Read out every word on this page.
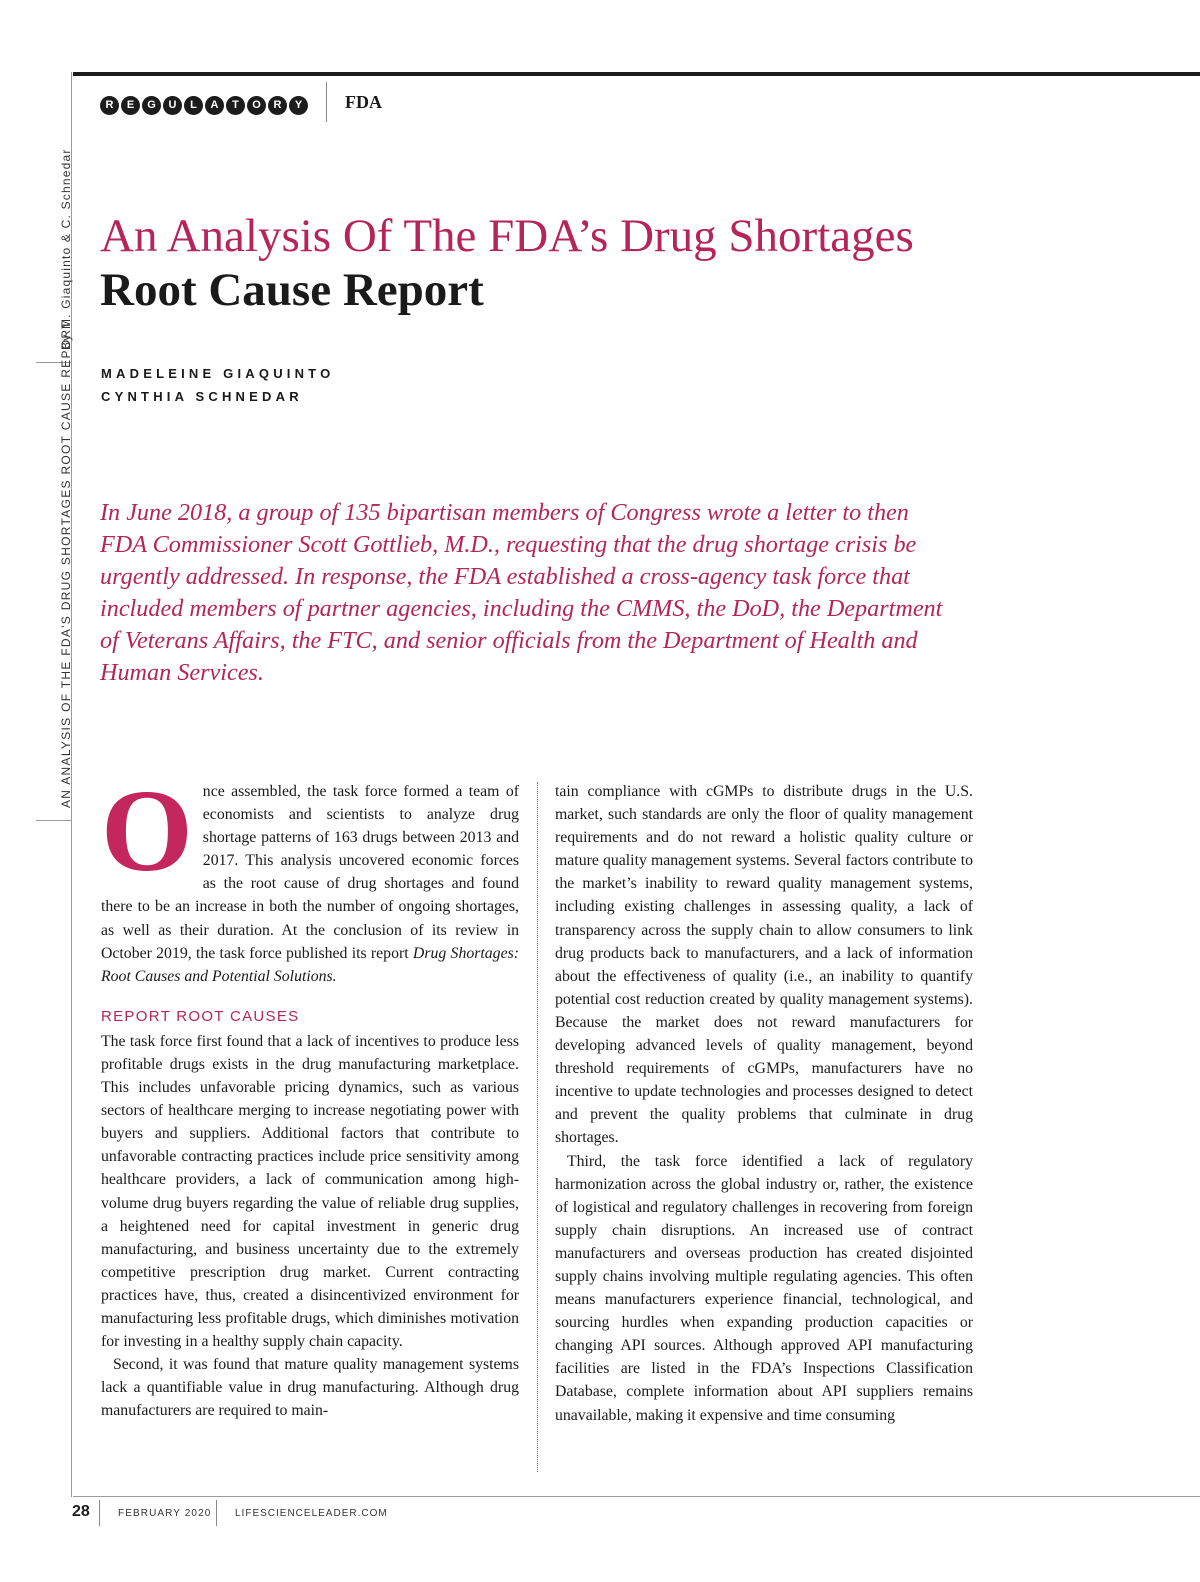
By M. Giaquinto & C. Schnedar
AN ANALYSIS OF THE FDA'S DRUG SHORTAGES ROOT CAUSE REPORT
R	E	G	U	L	A	T	O	R	Y	FDA
An Analysis Of The FDA’s Drug Shortages
Root Cause Report
MADELEINE GIAQUINTO
CYNTHIA SCHNEDAR
In June 2018, a group of 135 bipartisan members of Congress wrote a letter to then FDA Commissioner Scott Gottlieb, M.D., requesting that the drug shortage crisis be urgently addressed. In response, the FDA established a cross-agency task force that included members of partner agencies, including the CMMS, the DoD, the Department of Veterans Affairs, the FTC, and senior officials from the Department of Health and Human Services.

Once assembled, the task force formed a team of economists and scientists to analyze drug shortage patterns of 163 drugs between 2013 and 2017. This analysis uncovered economic forces as the root cause of drug shortages and found there to be an increase in both the number of ongoing shortages, as well as their duration. At the conclusion of its review in October 2019, the task force published its report Drug Shortages: Root Causes and Potential Solutions.

REPORT ROOT CAUSES

The task force first found that a lack of incentives to produce less profitable drugs exists in the drug manufacturing marketplace. This includes unfavorable pricing dynamics, such as various sectors of healthcare merging to increase negotiating power with buyers and suppliers. Additional factors that contribute to unfavorable contracting practices include price sensitivity among healthcare providers, a lack of communication among high-volume drug buyers regarding the value of reliable drug supplies, a heightened need for capital investment in generic drug manufacturing, and business uncertainty due to the extremely competitive prescription drug market. Current contracting practices have, thus, created a disincentivized environment for manufacturing less profitable drugs, which diminishes motivation for investing in a healthy supply chain capacity.

Second, it was found that mature quality management systems lack a quantifiable value in drug manufacturing. Although drug manufacturers are required to main-

tain compliance with cGMPs to distribute drugs in the U.S. market, such standards are only the floor of quality management requirements and do not reward a holistic quality culture or mature quality management systems. Several factors contribute to the market’s inability to reward quality management systems, including existing challenges in assessing quality, a lack of transparency across the supply chain to allow consumers to link drug products back to manufacturers, and a lack of information about the effectiveness of quality (i.e., an inability to quantify potential cost reduction created by quality management systems). Because the market does not reward manufacturers for developing advanced levels of quality management, beyond threshold requirements of cGMPs, manufacturers have no incentive to update technologies and processes designed to detect and prevent the quality problems that culminate in drug shortages.

Third, the task force identified a lack of regulatory harmonization across the global industry or, rather, the existence of logistical and regulatory challenges in recovering from foreign supply chain disruptions. An increased use of contract manufacturers and overseas production has created disjointed supply chains involving multiple regulating agencies. This often means manufacturers experience financial, technological, and sourcing hurdles when expanding production capacities or changing API sources. Although approved API manufacturing facilities are listed in the FDA’s Inspections Classification Database, complete information about API suppliers remains unavailable, making it expensive and time consuming

28	FEBRUARY 2020 LIFESCIENCELEADER.COM
